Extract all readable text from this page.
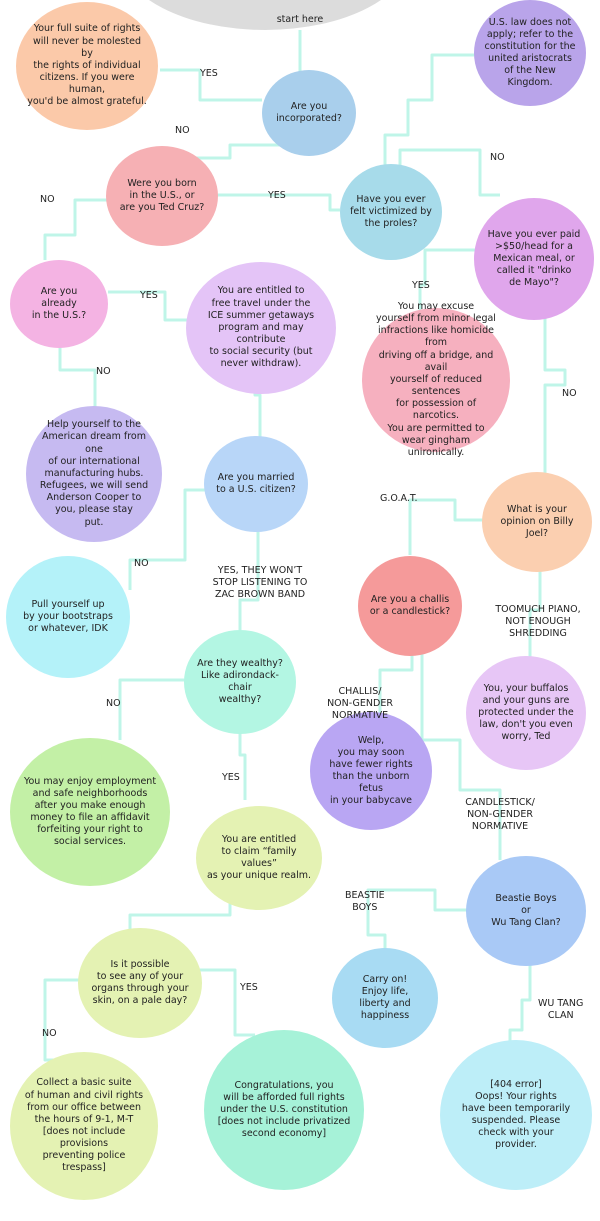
start here
Your full suite of rights
will never be molested by
the rights of individual
citizens. If you were human,
you'd be almost grateful.	Are you
incorporated?
U.S. law does not
apply; refer to the
constitution for the
united aristocrats
of the New Kingdom.
Were you born
in the U.S., or
are you Ted Cruz?
Have you ever
felt victimized by
the proles?
Have you ever paid
>$50/head for a
Mexican meal, or
called it "drinko
de Mayo"?
Are you
already
in the U.S.?
You are entitled to
free travel under the
ICE summer getaways
program and may contribute
to social security (but
never withdraw).
You may excuse
yourself from minor legal
infractions like homicide from
driving off a bridge, and avail
yourself of reduced sentences
for possession of narcotics.
You are permitted to
wear gingham
unironically.
Help yourself to the
American dream from one
of our international
manufacturing hubs.
Refugees, we will send
Anderson Cooper to
you, please stay
put.
Are you married
to a U.S. citizen?
What is your
opinion on Billy Joel?
Pull yourself up
by your bootstraps
or whatever, IDK
Are you a challis
or a candlestick?
Are they wealthy?
Like adirondack-chair
wealthy?
You, your buffalos
and your guns are
protected under the
law, don't you even
worry, Ted
Welp,
you may soon
have fewer rights
than the unborn fetus
in your babycave
You may enjoy employment
and safe neighborhoods
after you make enough
money to file an affidavit
forfeiting your right to
social services.	You are entitled
to claim “family values”
as your unique realm.
Beastie Boys
or
Wu Tang Clan?
Is it possible
to see any of your
organs through your
skin, on a pale day?
Carry on!
Enjoy life,
liberty and
happiness
Collect a basic suite
of human and civil rights
from our office between
the hours of 9-1, M-T
[does not include provisions
preventing police trespass]
Congratulations, you
will be afforded full rights
under the U.S. constitution
[does not include privatized
second economy]
[404 error]
Oops! Your rights
have been temporarily
suspended. Please
check with your
provider.
YES
NO
YES
NO
NO
YES
NO
YES
NO
NO
YES, THEY WON’T
STOP LISTENING TO
ZAC BROWN BAND
G.O.A.T.
TOOMUCH PIANO,
NOT ENOUGH
SHREDDING
CHALLIS/
NON-GENDER
NORMATIVE
CANDLESTICK/
NON-GENDER
NORMATIVE
NO
YES
BEASTIE
BOYS
WU TANG
CLAN
NO
YES
